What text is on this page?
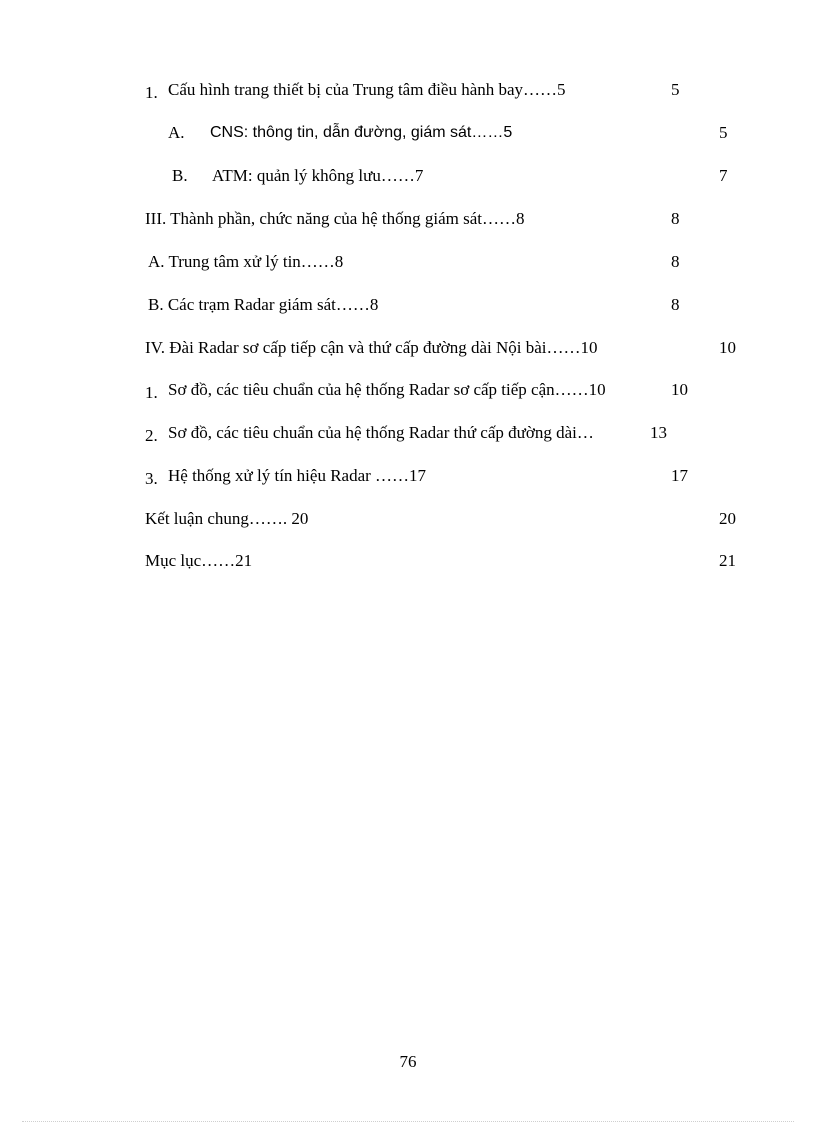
1. Cấu hình trang thiết bị của Trung tâm điều hành bay……5	5
A. CNS: thông tin, dẫn đường, giám sát……5	5
B. ATM: quản lý không lưu……7	7
III. Thành phần, chức năng của hệ thống giám sát……8	8
A. Trung tâm xử lý tin……8	8
B. Các trạm Radar giám sát……8	8
IV. Đài Radar sơ cấp tiếp cận và thứ cấp đường dài Nội bài……10	10
1. Sơ đồ, các tiêu chuẩn của hệ thống Radar sơ cấp tiếp cận……10	10
2. Sơ đồ, các tiêu chuẩn của hệ thống Radar thứ cấp đường dài…	13
3. Hệ thống xử lý tín hiệu Radar ……17	17
Kết luận chung……. 20	20
Mục lục……21	21
76
